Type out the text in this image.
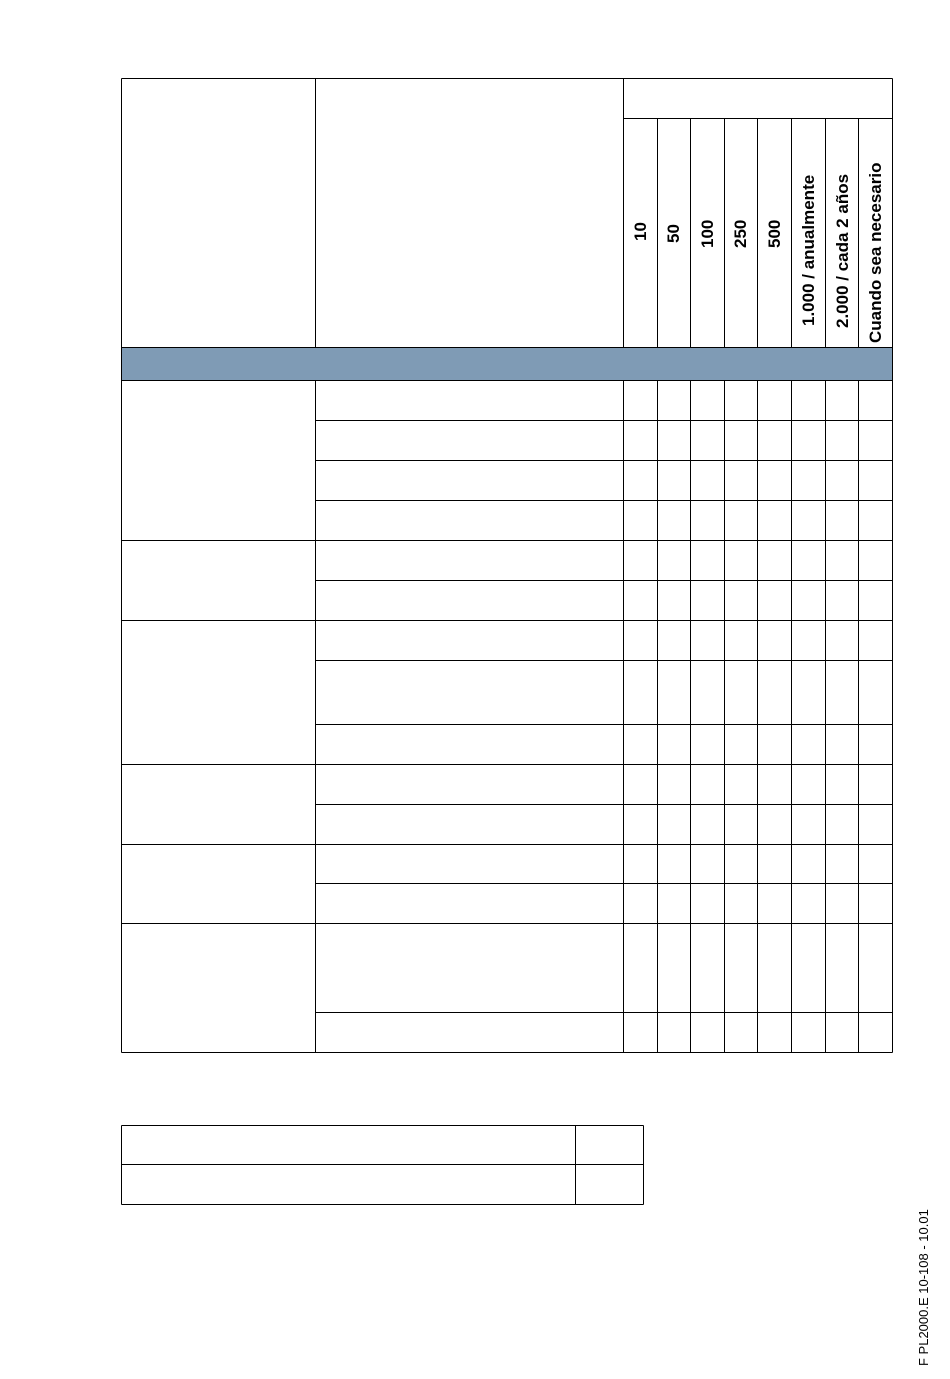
10 50 100 250 500 1.000 / anualmente 2.000 / cada 2 años Cuando sea necesario
F PL2000.E 10-108 - 10.01
